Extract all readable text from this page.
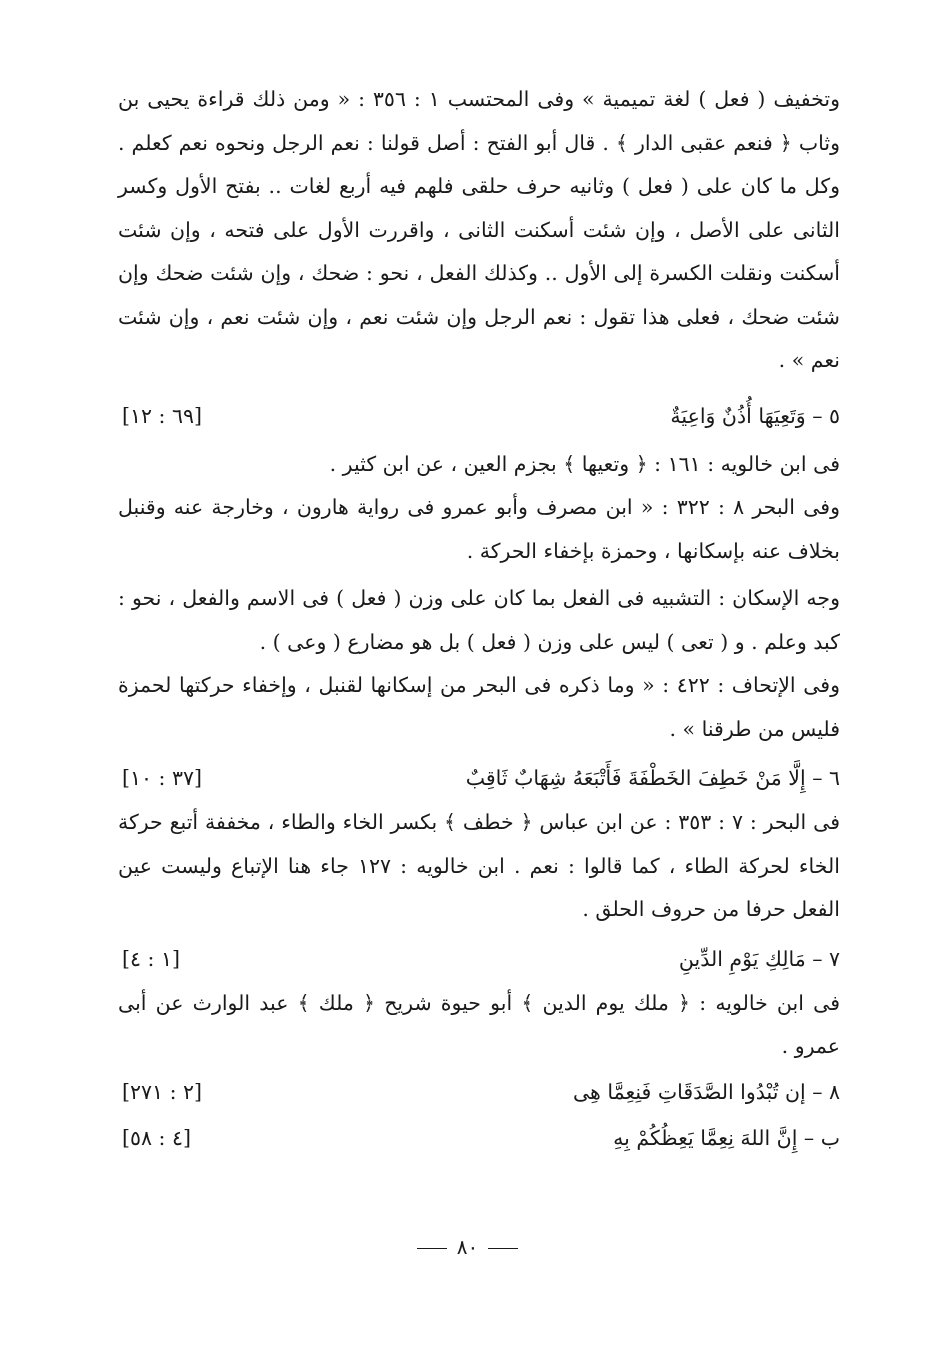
وتخفيف ( فعل ) لغة تميمية » وفى المحتسب ١ : ٣٥٦ : « ومن ذلك قراءة يحيى بن وثاب ﴿ فنعم عقبى الدار ﴾ . قال أبو الفتح : أصل قولنا : نعم الرجل ونحوه نعم كعلم . وكل ما كان على ( فعل ) وثانيه حرف حلقى فلهم فيه أربع لغات .. بفتح الأول وكسر الثانى على الأصل ، وإن شئت أسكنت الثانى ، واقررت الأول على فتحه ، وإن شئت أسكنت ونقلت الكسرة إلى الأول .. وكذلك الفعل ، نحو : ضحك ، وإن شئت ضحك وإن شئت ضحك ، فعلى هذا تقول : نعم الرجل وإن شئت نعم ، وإن شئت نعم ، وإن شئت نعم » .

٥ – وَتَعِيَهَا أُذُنٌ وَاعِيَةٌ
[٦٩ : ١٢]

فى ابن خالويه : ١٦١ : ﴿ وتعيها ﴾ بجزم العين ، عن ابن كثير .

وفى البحر ٨ : ٣٢٢ : « ابن مصرف وأبو عمرو فى رواية هارون ، وخارجة عنه وقنبل بخلاف عنه بإسكانها ، وحمزة بإخفاء الحركة .

وجه الإسكان : التشبيه فى الفعل بما كان على وزن ( فعل ) فى الاسم والفعل ، نحو : كبد وعلم . و ( تعى ) ليس على وزن ( فعل ) بل هو مضارع ( وعى ) .

وفى الإتحاف : ٤٢٢ : « وما ذكره فى البحر من إسكانها لقنبل ، وإخفاء حركتها لحمزة فليس من طرقنا » .

٦ – إِلَّا مَنْ خَطِفَ الخَطْفَةَ فَأَتْبَعَهُ شِهَابٌ ثَاقِبٌ
[٣٧ : ١٠]

فى البحر : ٧ : ٣٥٣ : عن ابن عباس ﴿ خطف ﴾ بكسر الخاء والطاء ، مخففة أتبع حركة الخاء لحركة الطاء ، كما قالوا : نعم . ابن خالويه : ١٢٧ جاء هنا الإتباع وليست عين الفعل حرفا من حروف الحلق .

٧ – مَالِكِ يَوْمِ الدِّينِ
[١ : ٤]

فى ابن خالويه : ﴿ ملك يوم الدين ﴾ أبو حيوة شريح ﴿ ملك ﴾ عبد الوارث عن أبى عمرو .

٨ – إن تُبْدُوا الصَّدَقَاتِ فَنِعِمَّا هِى
[٢ : ٢٧١]
ب – إِنَّ اللهَ نِعِمَّا يَعِظُكُمْ بِهِ
[٤ : ٥٨]
٨٠
